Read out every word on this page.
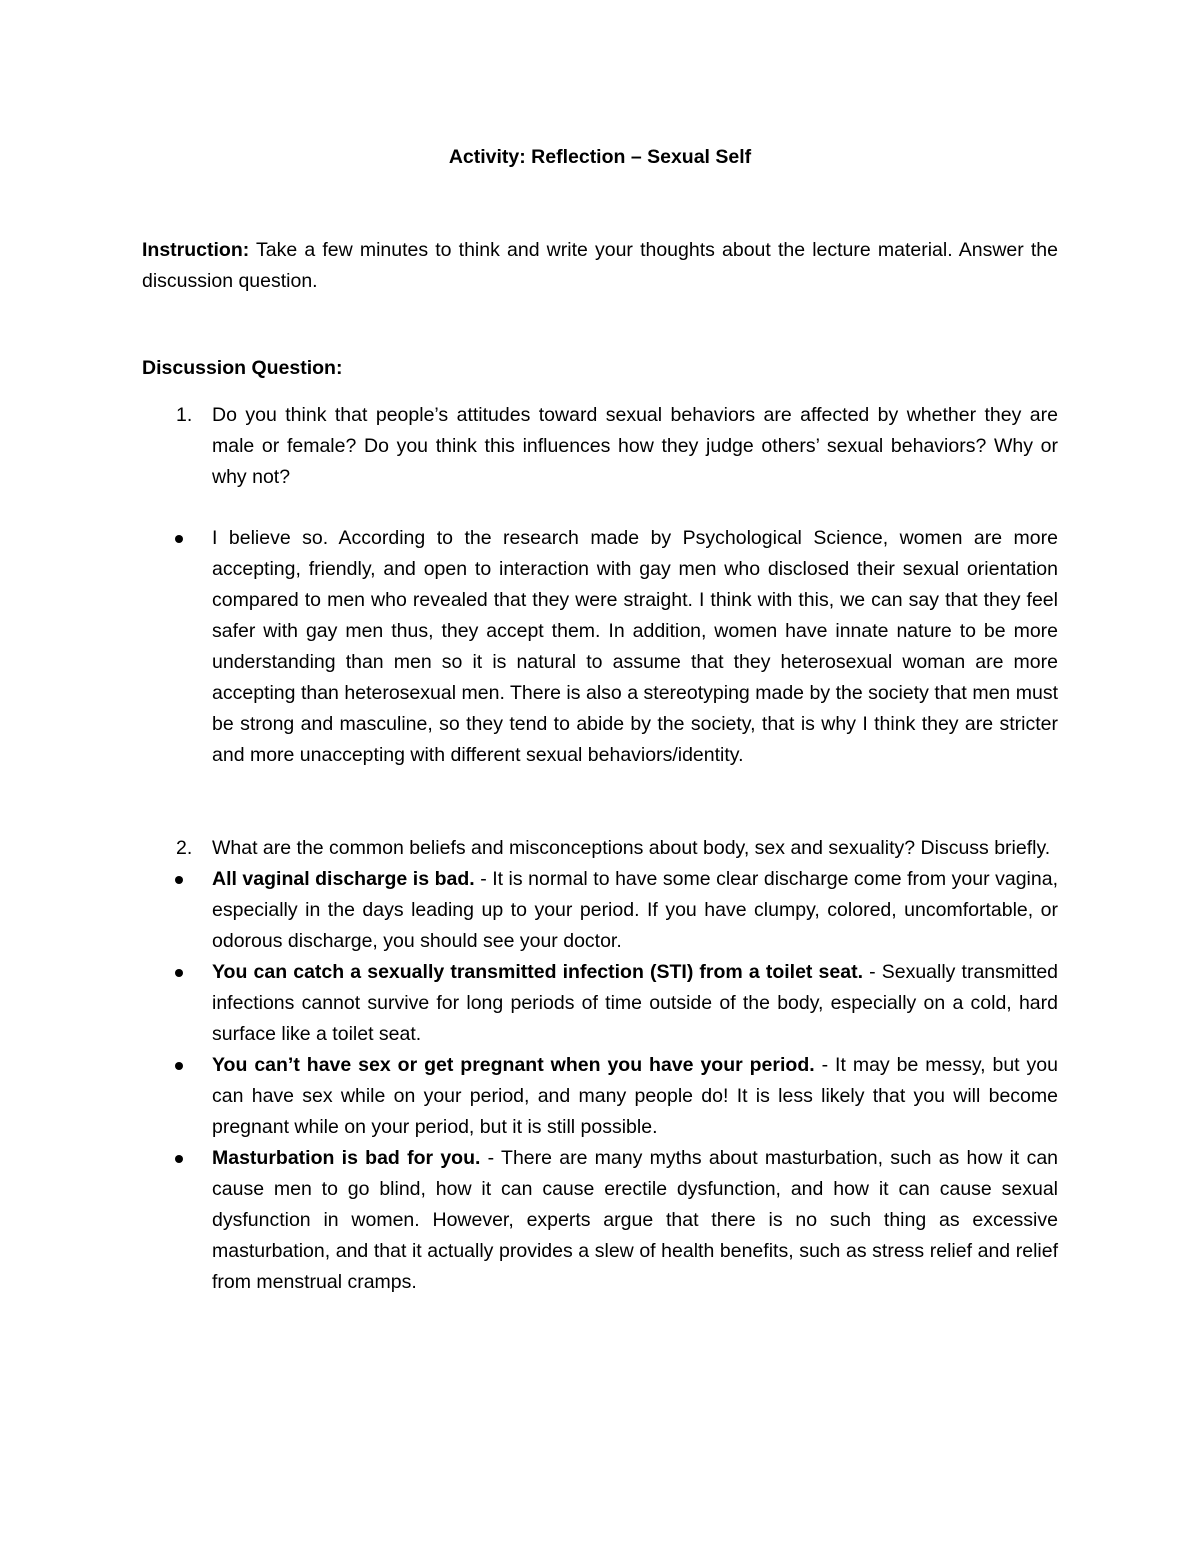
Activity: Reflection – Sexual Self

Instruction: Take a few minutes to think and write your thoughts about the lecture material. Answer the discussion question.

Discussion Question:

1. Do you think that people’s attitudes toward sexual behaviors are affected by whether they are male or female? Do you think this influences how they judge others’ sexual behaviors? Why or why not?
I believe so. According to the research made by Psychological Science, women are more accepting, friendly, and open to interaction with gay men who disclosed their sexual orientation compared to men who revealed that they were straight. I think with this, we can say that they feel safer with gay men thus, they accept them. In addition, women have innate nature to be more understanding than men so it is natural to assume that they heterosexual woman are more accepting than heterosexual men. There is also a stereotyping made by the society that men must be strong and masculine, so they tend to abide by the society, that is why I think they are stricter and more unaccepting with different sexual behaviors/identity.
2. What are the common beliefs and misconceptions about body, sex and sexuality? Discuss briefly.
All vaginal discharge is bad. - It is normal to have some clear discharge come from your vagina, especially in the days leading up to your period. If you have clumpy, colored, uncomfortable, or odorous discharge, you should see your doctor.
You can catch a sexually transmitted infection (STI) from a toilet seat. - Sexually transmitted infections cannot survive for long periods of time outside of the body, especially on a cold, hard surface like a toilet seat.
You can’t have sex or get pregnant when you have your period. - It may be messy, but you can have sex while on your period, and many people do! It is less likely that you will become pregnant while on your period, but it is still possible.
Masturbation is bad for you. - There are many myths about masturbation, such as how it can cause men to go blind, how it can cause erectile dysfunction, and how it can cause sexual dysfunction in women. However, experts argue that there is no such thing as excessive masturbation, and that it actually provides a slew of health benefits, such as stress relief and relief from menstrual cramps.
